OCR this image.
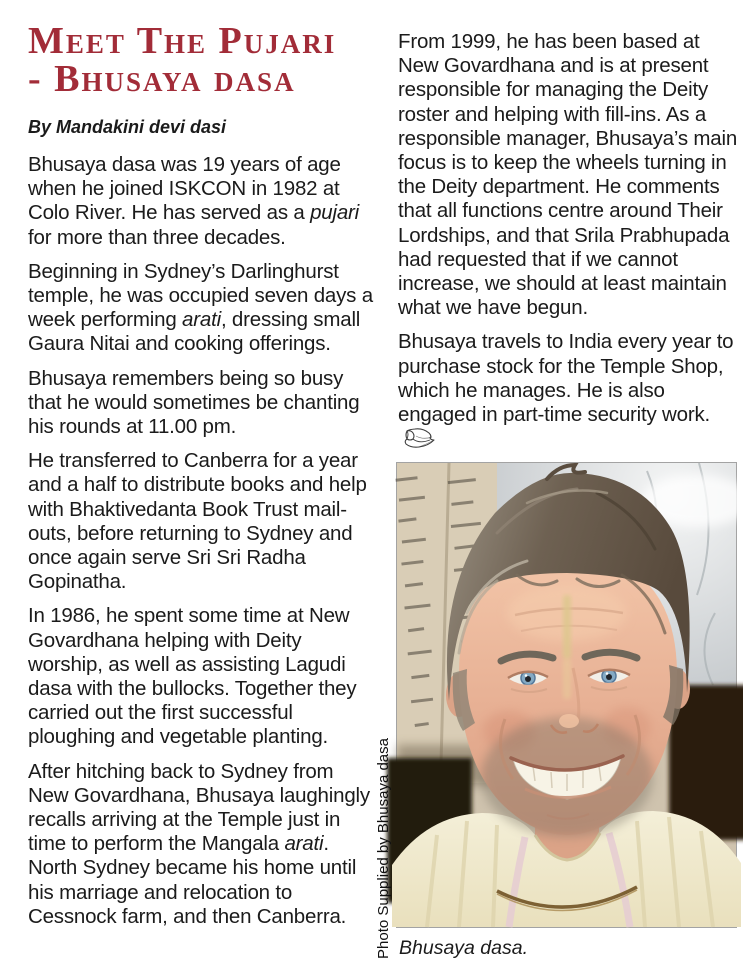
Meet The Pujari
- Bhusaya dasa
By Mandakini devi dasi

Bhusaya dasa was 19 years of age when he joined ISKCON in 1982 at Colo River. He has served as a pujari for more than three decades.

Beginning in Sydney’s Darlinghurst temple, he was occupied seven days a week performing arati, dressing small Gaura Nitai and cooking offerings.

Bhusaya remembers being so busy that he would sometimes be chanting his rounds at 11.00 pm.

He transferred to Canberra for a year and a half to distribute books and help with Bhaktivedanta Book Trust mail-outs, before returning to Sydney and once again serve Sri Sri Radha Gopinatha.

In 1986, he spent some time at New Govardhana helping with Deity worship, as well as assisting Lagudi dasa with the bullocks. Together they carried out the first successful ploughing and vegetable planting.

After hitching back to Sydney from New Govardhana, Bhusaya laughingly recalls arriving at the Temple just in time to perform the Mangala arati. North Sydney became his home until his marriage and relocation to Cessnock farm, and then Canberra.

From 1999, he has been based at New Govardhana and is at present responsible for managing the Deity roster and helping with fill-ins. As a responsible manager, Bhusaya’s main focus is to keep the wheels turning in the Deity department. He comments that all functions centre around Their Lordships, and that Srila Prabhupada had requested that if we cannot increase, we should at least maintain what we have begun.

Bhusaya travels to India every year to purchase stock for the Temple Shop, which he manages. He is also engaged in part-time security work.

Photo Supplied by Bhusaya dasa Bhusaya dasa.
